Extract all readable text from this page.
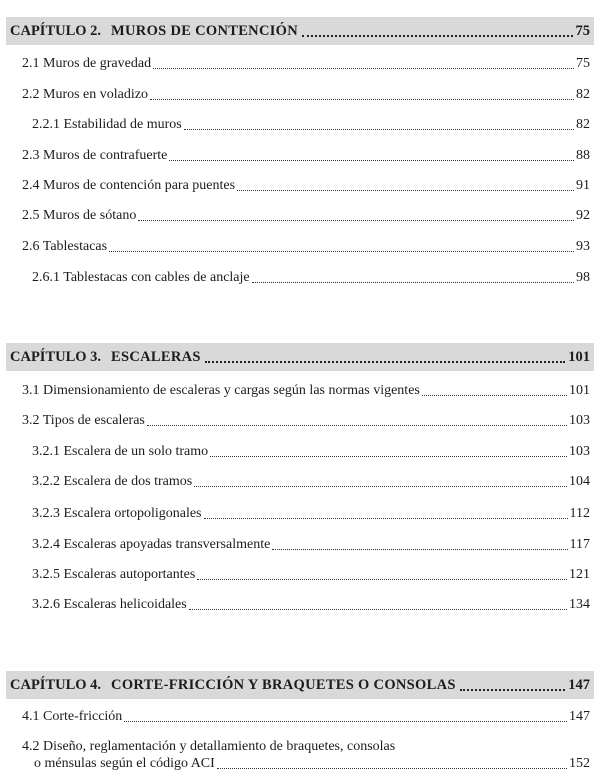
CAPÍTULO 2. MUROS DE CONTENCIÓN	75
2.1 Muros de gravedad	75
2.2 Muros en voladizo	82
2.2.1 Estabilidad de muros	82
2.3 Muros de contrafuerte	88
2.4 Muros de contención para puentes	91
2.5 Muros de sótano	92
2.6 Tablestacas	93
2.6.1 Tablestacas con cables de anclaje	98
CAPÍTULO 3. ESCALERAS	101
3.1 Dimensionamiento de escaleras y cargas según las normas vigentes	101
3.2 Tipos de escaleras	103
3.2.1 Escalera de un solo tramo	103
3.2.2 Escalera de dos tramos	104
3.2.3 Escalera ortopoligonales	112
3.2.4 Escaleras apoyadas transversalmente	117
3.2.5 Escaleras autoportantes	121
3.2.6 Escaleras helicoidales	134
CAPÍTULO 4. CORTE-FRICCIÓN Y BRAQUETES O CONSOLAS	147
4.1 Corte-fricción	147
4.2 Diseño, reglamentación y detallamiento de braquetes, consolas
o ménsulas según el código ACI	152
